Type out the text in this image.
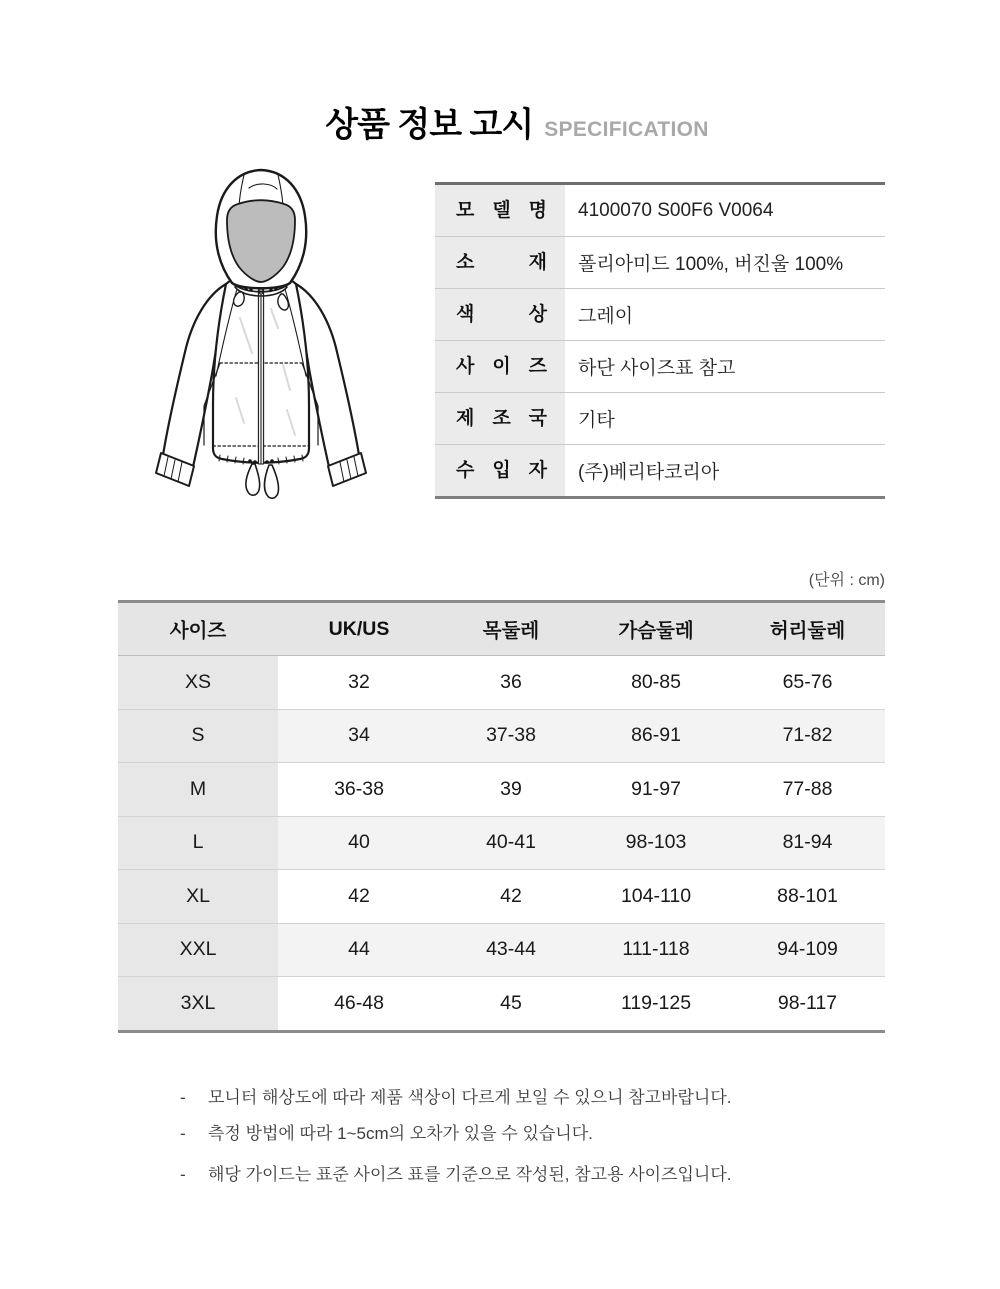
상품 정보 고시 SPECIFICATION
모 델 명	4100070 S00F6 V0064
소 재	폴리아미드 100%, 버진울 100%
색 상	그레이
사 이 즈	하단 사이즈표 참고
제 조 국	기타
수 입 자	(주)베리타코리아
(단위 : cm)
사이즈	UK/US	목둘레	가슴둘레	허리둘레
XS	32	36	80-85	65-76
S	34	37-38	86-91	71-82
M	36-38	39	91-97	77-88
L	40	40-41	98-103	81-94
XL	42	42	104-110	88-101
XXL	44	43-44	111-118	94-109
3XL	46-48	45	119-125	98-117
- 모니터 해상도에 따라 제품 색상이 다르게 보일 수 있으니 참고바랍니다.
- 측정 방법에 따라 1~5cm의 오차가 있을 수 있습니다.
- 해당 가이드는 표준 사이즈 표를 기준으로 작성된, 참고용 사이즈입니다.
